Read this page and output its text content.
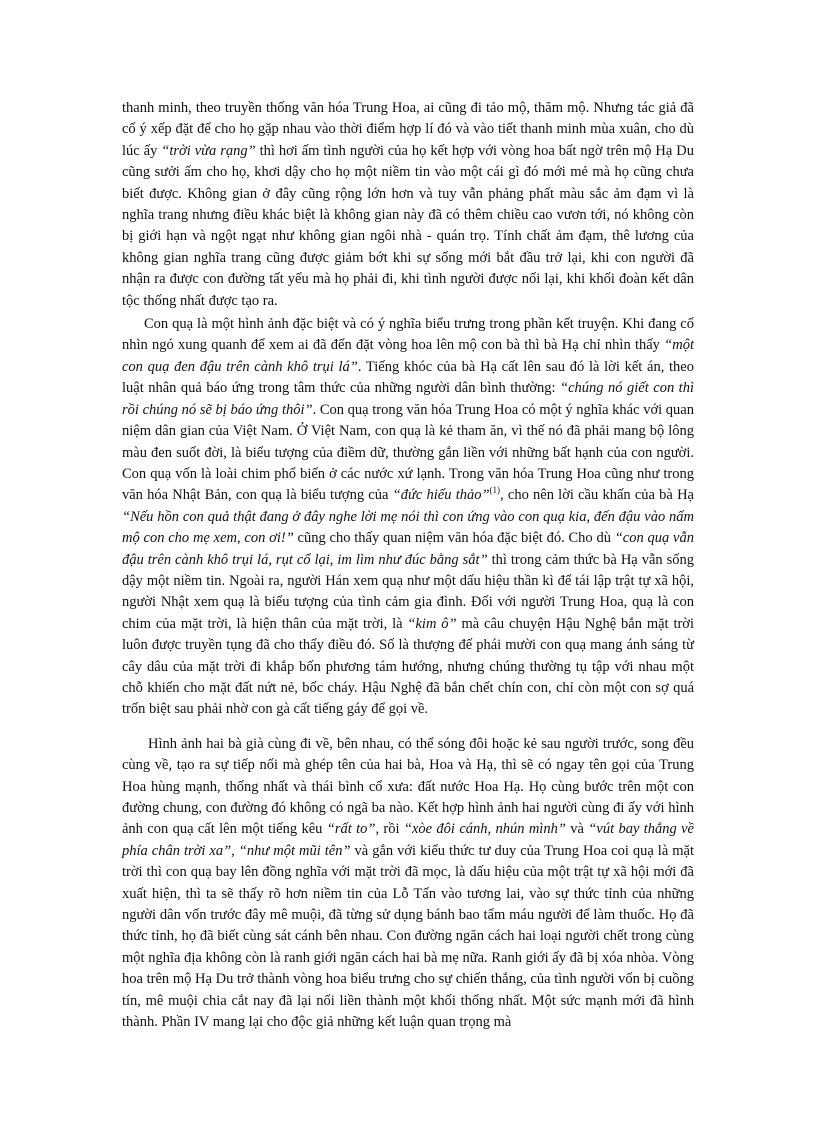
thanh minh, theo truyền thống văn hóa Trung Hoa, ai cũng đi tảo mộ, thăm mộ. Nhưng tác giả đã cố ý xếp đặt để cho họ gặp nhau vào thời điểm hợp lí đó và vào tiết thanh minh mùa xuân, cho dù lúc ấy “trời vừa rạng” thì hơi ấm tình người của họ kết hợp với vòng hoa bất ngờ trên mộ Hạ Du cũng sưởi ấm cho họ, khơi dậy cho họ một niềm tin vào một cái gì đó mới mẻ mà họ cũng chưa biết được. Không gian ở đây cũng rộng lớn hơn và tuy vẫn phảng phất màu sắc ảm đạm vì là nghĩa trang nhưng điều khác biệt là không gian này đã có thêm chiều cao vươn tới, nó không còn bị giới hạn và ngột ngạt như không gian ngôi nhà - quán trọ. Tính chất ảm đạm, thê lương của không gian nghĩa trang cũng được giảm bớt khi sự sống mới bắt đầu trở lại, khi con người đã nhận ra được con đường tất yếu mà họ phải đi, khi tình người được nối lại, khi khối đoàn kết dân tộc thống nhất được tạo ra.

Con quạ là một hình ảnh đặc biệt và có ý nghĩa biểu trưng trong phần kết truyện. Khi đang cố nhìn ngó xung quanh để xem ai đã đến đặt vòng hoa lên mộ con bà thì bà Hạ chỉ nhìn thấy “một con quạ đen đậu trên cành khô trụi lá”. Tiếng khóc của bà Hạ cất lên sau đó là lời kết án, theo luật nhân quả báo ứng trong tâm thức của những người dân bình thường: “chúng nó giết con thì rồi chúng nó sẽ bị báo ứng thôi”. Con quạ trong văn hóa Trung Hoa có một ý nghĩa khác với quan niệm dân gian của Việt Nam. Ở Việt Nam, con quạ là kẻ tham ăn, vì thế nó đã phải mang bộ lông màu đen suốt đời, là biểu tượng của điềm dữ, thường gắn liền với những bất hạnh của con người. Con quạ vốn là loài chim phổ biến ở các nước xứ lạnh. Trong văn hóa Trung Hoa cũng như trong văn hóa Nhật Bản, con quạ là biểu tượng của “đức hiếu thảo”$^{(1)}$, cho nên lời cầu khấn của bà Hạ “Nếu hồn con quả thật đang ở đây nghe lời mẹ nói thì con ứng vào con quạ kia, đến đậu vào nấm mộ con cho mẹ xem, con ơi!” cũng cho thấy quan niệm văn hóa đặc biệt đó. Cho dù “con quạ vẫn đậu trên cành khô trụi lá, rụt cổ lại, im lìm như đúc bằng sắt” thì trong cảm thức bà Hạ vẫn sống dậy một niềm tin. Ngoài ra, người Hán xem quạ như một dấu hiệu thần kì để tái lập trật tự xã hội, người Nhật xem quạ là biểu tượng của tình cảm gia đình. Đối với người Trung Hoa, quạ là con chim của mặt trời, là hiện thân của mặt trời, là “kim ô” mà câu chuyện Hậu Nghệ bắn mặt trời luôn được truyền tụng đã cho thấy điều đó. Số là thượng đế phái mười con quạ mang ánh sáng từ cây dâu của mặt trời đi khắp bốn phương tám hướng, nhưng chúng thường tụ tập với nhau một chỗ khiến cho mặt đất nứt nẻ, bốc cháy. Hậu Nghệ đã bắn chết chín con, chỉ còn một con sợ quá trốn biệt sau phải nhờ con gà cất tiếng gáy để gọi về.

Hình ảnh hai bà già cùng đi về, bên nhau, có thể sóng đôi hoặc kẻ sau người trước, song đều cùng về, tạo ra sự tiếp nối mà ghép tên của hai bà, Hoa và Hạ, thì sẽ có ngay tên gọi của Trung Hoa hùng mạnh, thống nhất và thái bình cổ xưa: đất nước Hoa Hạ. Họ cùng bước trên một con đường chung, con đường đó không có ngã ba nào. Kết hợp hình ảnh hai người cùng đi ấy với hình ảnh con quạ cất lên một tiếng kêu “rất to”, rồi “xòe đôi cánh, nhún mình” và “vút bay thẳng về phía chân trời xa”, “như một mũi tên” và gắn với kiểu thức tư duy của Trung Hoa coi quạ là mặt trời thì con quạ bay lên đồng nghĩa với mặt trời đã mọc, là dấu hiệu của một trật tự xã hội mới đã xuất hiện, thì ta sẽ thấy rõ hơn niềm tin của Lỗ Tấn vào tương lai, vào sự thức tỉnh của những người dân vốn trước đây mê muội, đã từng sử dụng bánh bao tẩm máu người để làm thuốc. Họ đã thức tỉnh, họ đã biết cùng sát cánh bên nhau. Con đường ngăn cách hai loại người chết trong cùng một nghĩa địa không còn là ranh giới ngăn cách hai bà mẹ nữa. Ranh giới ấy đã bị xóa nhòa. Vòng hoa trên mộ Hạ Du trở thành vòng hoa biểu trưng cho sự chiến thắng, của tình người vốn bị cuồng tín, mê muội chia cắt nay đã lại nối liền thành một khối thống nhất. Một sức mạnh mới đã hình thành. Phần IV mang lại cho độc giả những kết luận quan trọng mà
